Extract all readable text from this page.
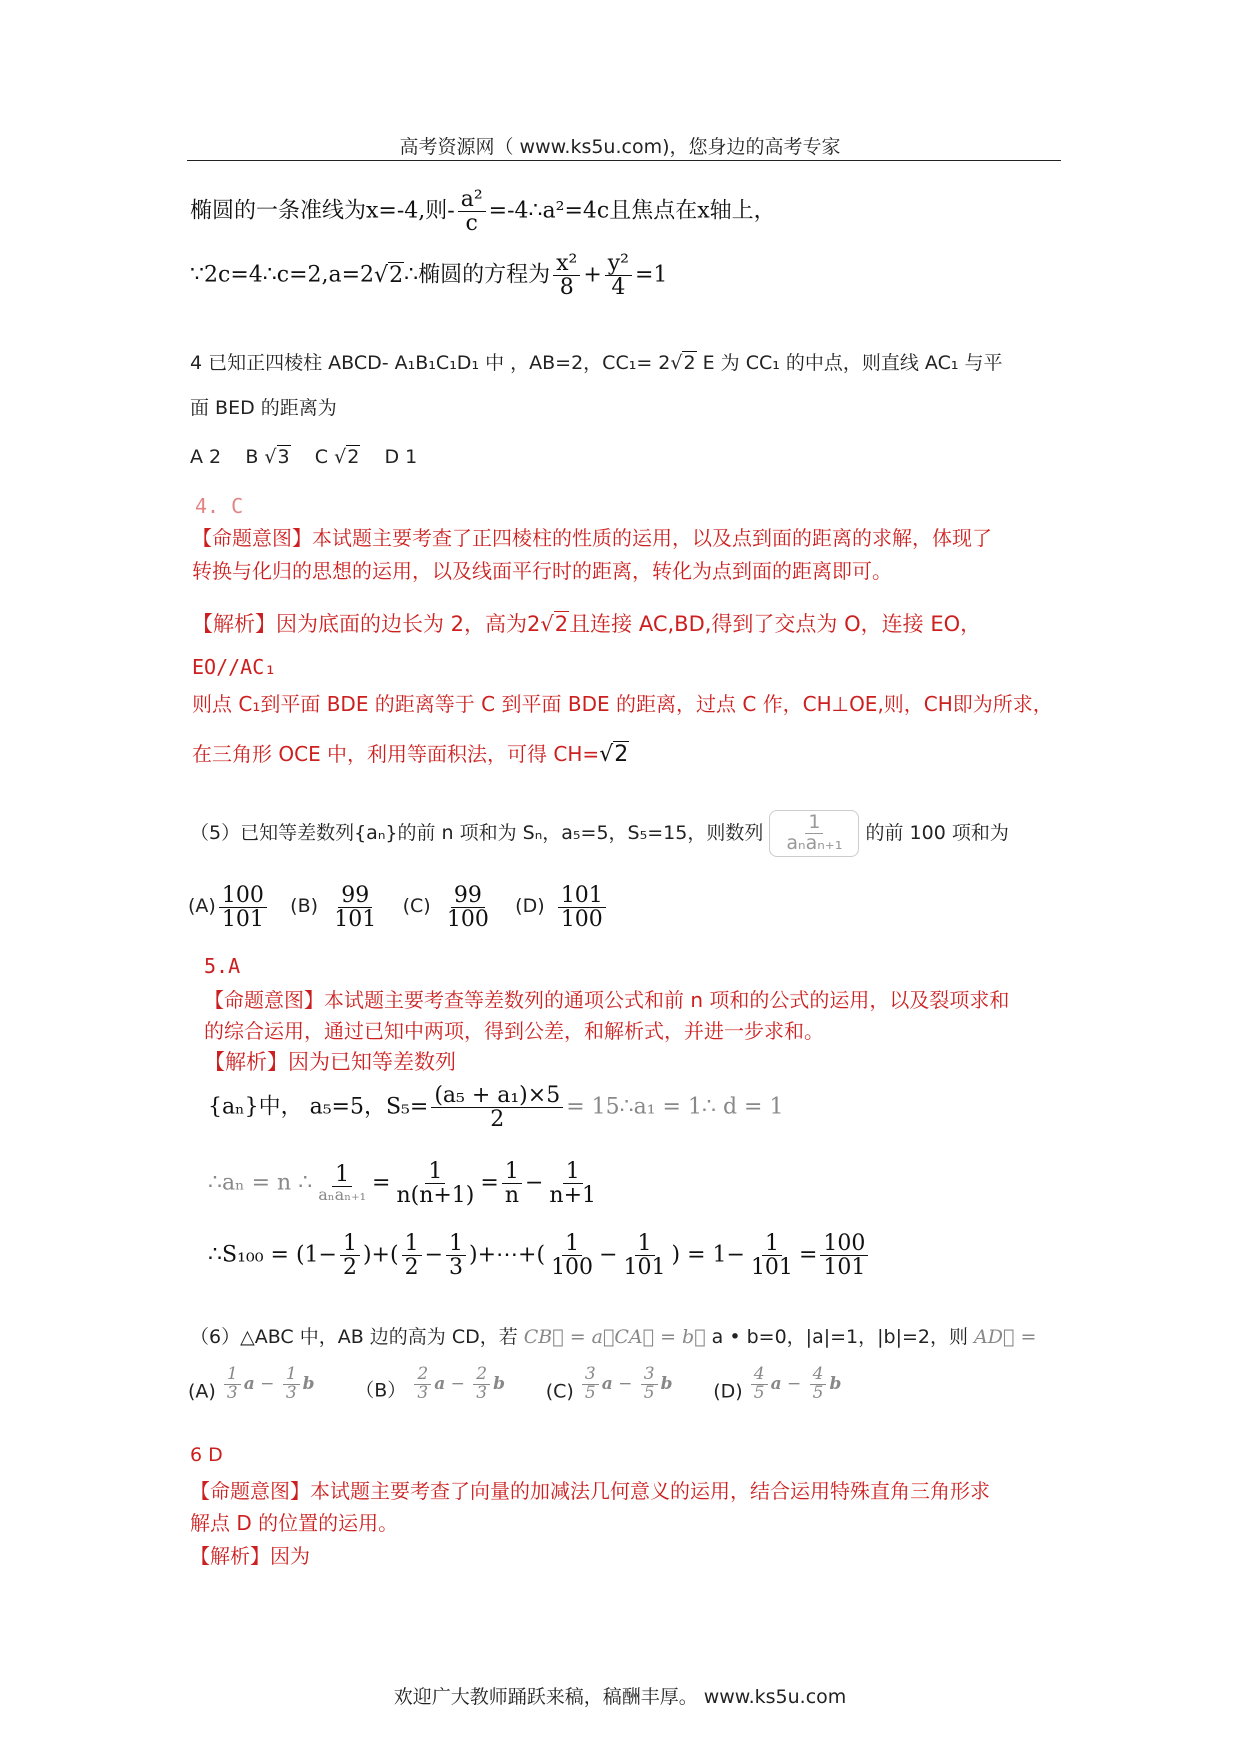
高考资源网（ www.ks5u.com)，您身边的高考专家
椭圆的一条准线为x=-4,则- $\frac{\text{a²}}{c}$ =-4∴a²=4c且焦点在x轴上，
∵2c=4∴c=2,a=2√2∴椭圆的方程为 $\frac{\text{x²}}{8} + \frac{\text{y²}}{4} =1$
4 已知正四棱柱 ABCD- A₁B₁C₁D₁ 中 ，AB=2，CC₁= 2√2 E 为 CC₁ 的中点，则直线 AC₁ 与平
面 BED 的距离为
A 2 B √3 C √2 D 1
4. C
【命题意图】本试题主要考查了正四棱柱的性质的运用，以及点到面的距离的求解，体现了
转换与化归的思想的运用，以及线面平行时的距离，转化为点到面的距离即可。
【解析】因为底面的边长为 2，高为2√2且连接 AC,BD,得到了交点为 O，连接 EO，
EO//AC₁
则点 C₁到平面 BDE 的距离等于 C 到平面 BDE 的距离，过点 C 作，CH⊥OE,则，CH即为所求，
在三角形 OCE 中，利用等面积法，可得 CH=√2
（5）已知等差数列{aₙ}的前 n 项和为 Sₙ，a₅=5，S₅=15，则数列 $\frac{1}{\text{aₙaₙ₊₁}}$ 的前 100 项和为
$(A) \frac{100}{101} (B) \frac{99}{101} (C) \frac{99}{100} (D) \frac{101}{100}$
5.A
【命题意图】本试题主要考查等差数列的通项公式和前 n 项和的公式的运用，以及裂项求和
的综合运用，通过已知中两项，得到公差，和解析式，并进一步求和。
【解析】因为已知等差数列
{aₙ}中， a₅=5，$S_5= \frac{\text{(a₅ + a₁)×5}}{2}$ = 15∴a₁ = 1∴ d = 1
∴aₙ = n ∴ $\frac{1}{\text{aₙaₙ₊₁}} = \frac{1}{n(n+1)} = \frac{1}{n} - \frac{1}{n+1}$
∴S₁₀₀ = ($1- \frac{1}{2}$ )+( $\frac{1}{2} - \frac{1}{3}$ )+⋯+( $\frac{1}{100} - \frac{1}{101}$ ) = $1- \frac{1}{101} = \frac{100}{101}$
（6）△ABC 中，AB 边的高为 CD，若 CB⃗ = a，CA⃗ = b， a • b=0，|a|=1，|b|=2，则 AD⃗ =
$(A) \frac{1}{3}$ $a - \frac{1}{3}$ b $(B) \frac{2}{3}$ $a - \frac{2}{3}$ b $(C) \frac{3}{5}$ $a - \frac{3}{5}$ b $(D) \frac{4}{5}$ $a - \frac{4}{5}$ b
6 D
【命题意图】本试题主要考查了向量的加减法几何意义的运用，结合运用特殊直角三角形求
解点 D 的位置的运用。
【解析】因为
欢迎广大教师踊跃来稿，稿酬丰厚。 www.ks5u.com
